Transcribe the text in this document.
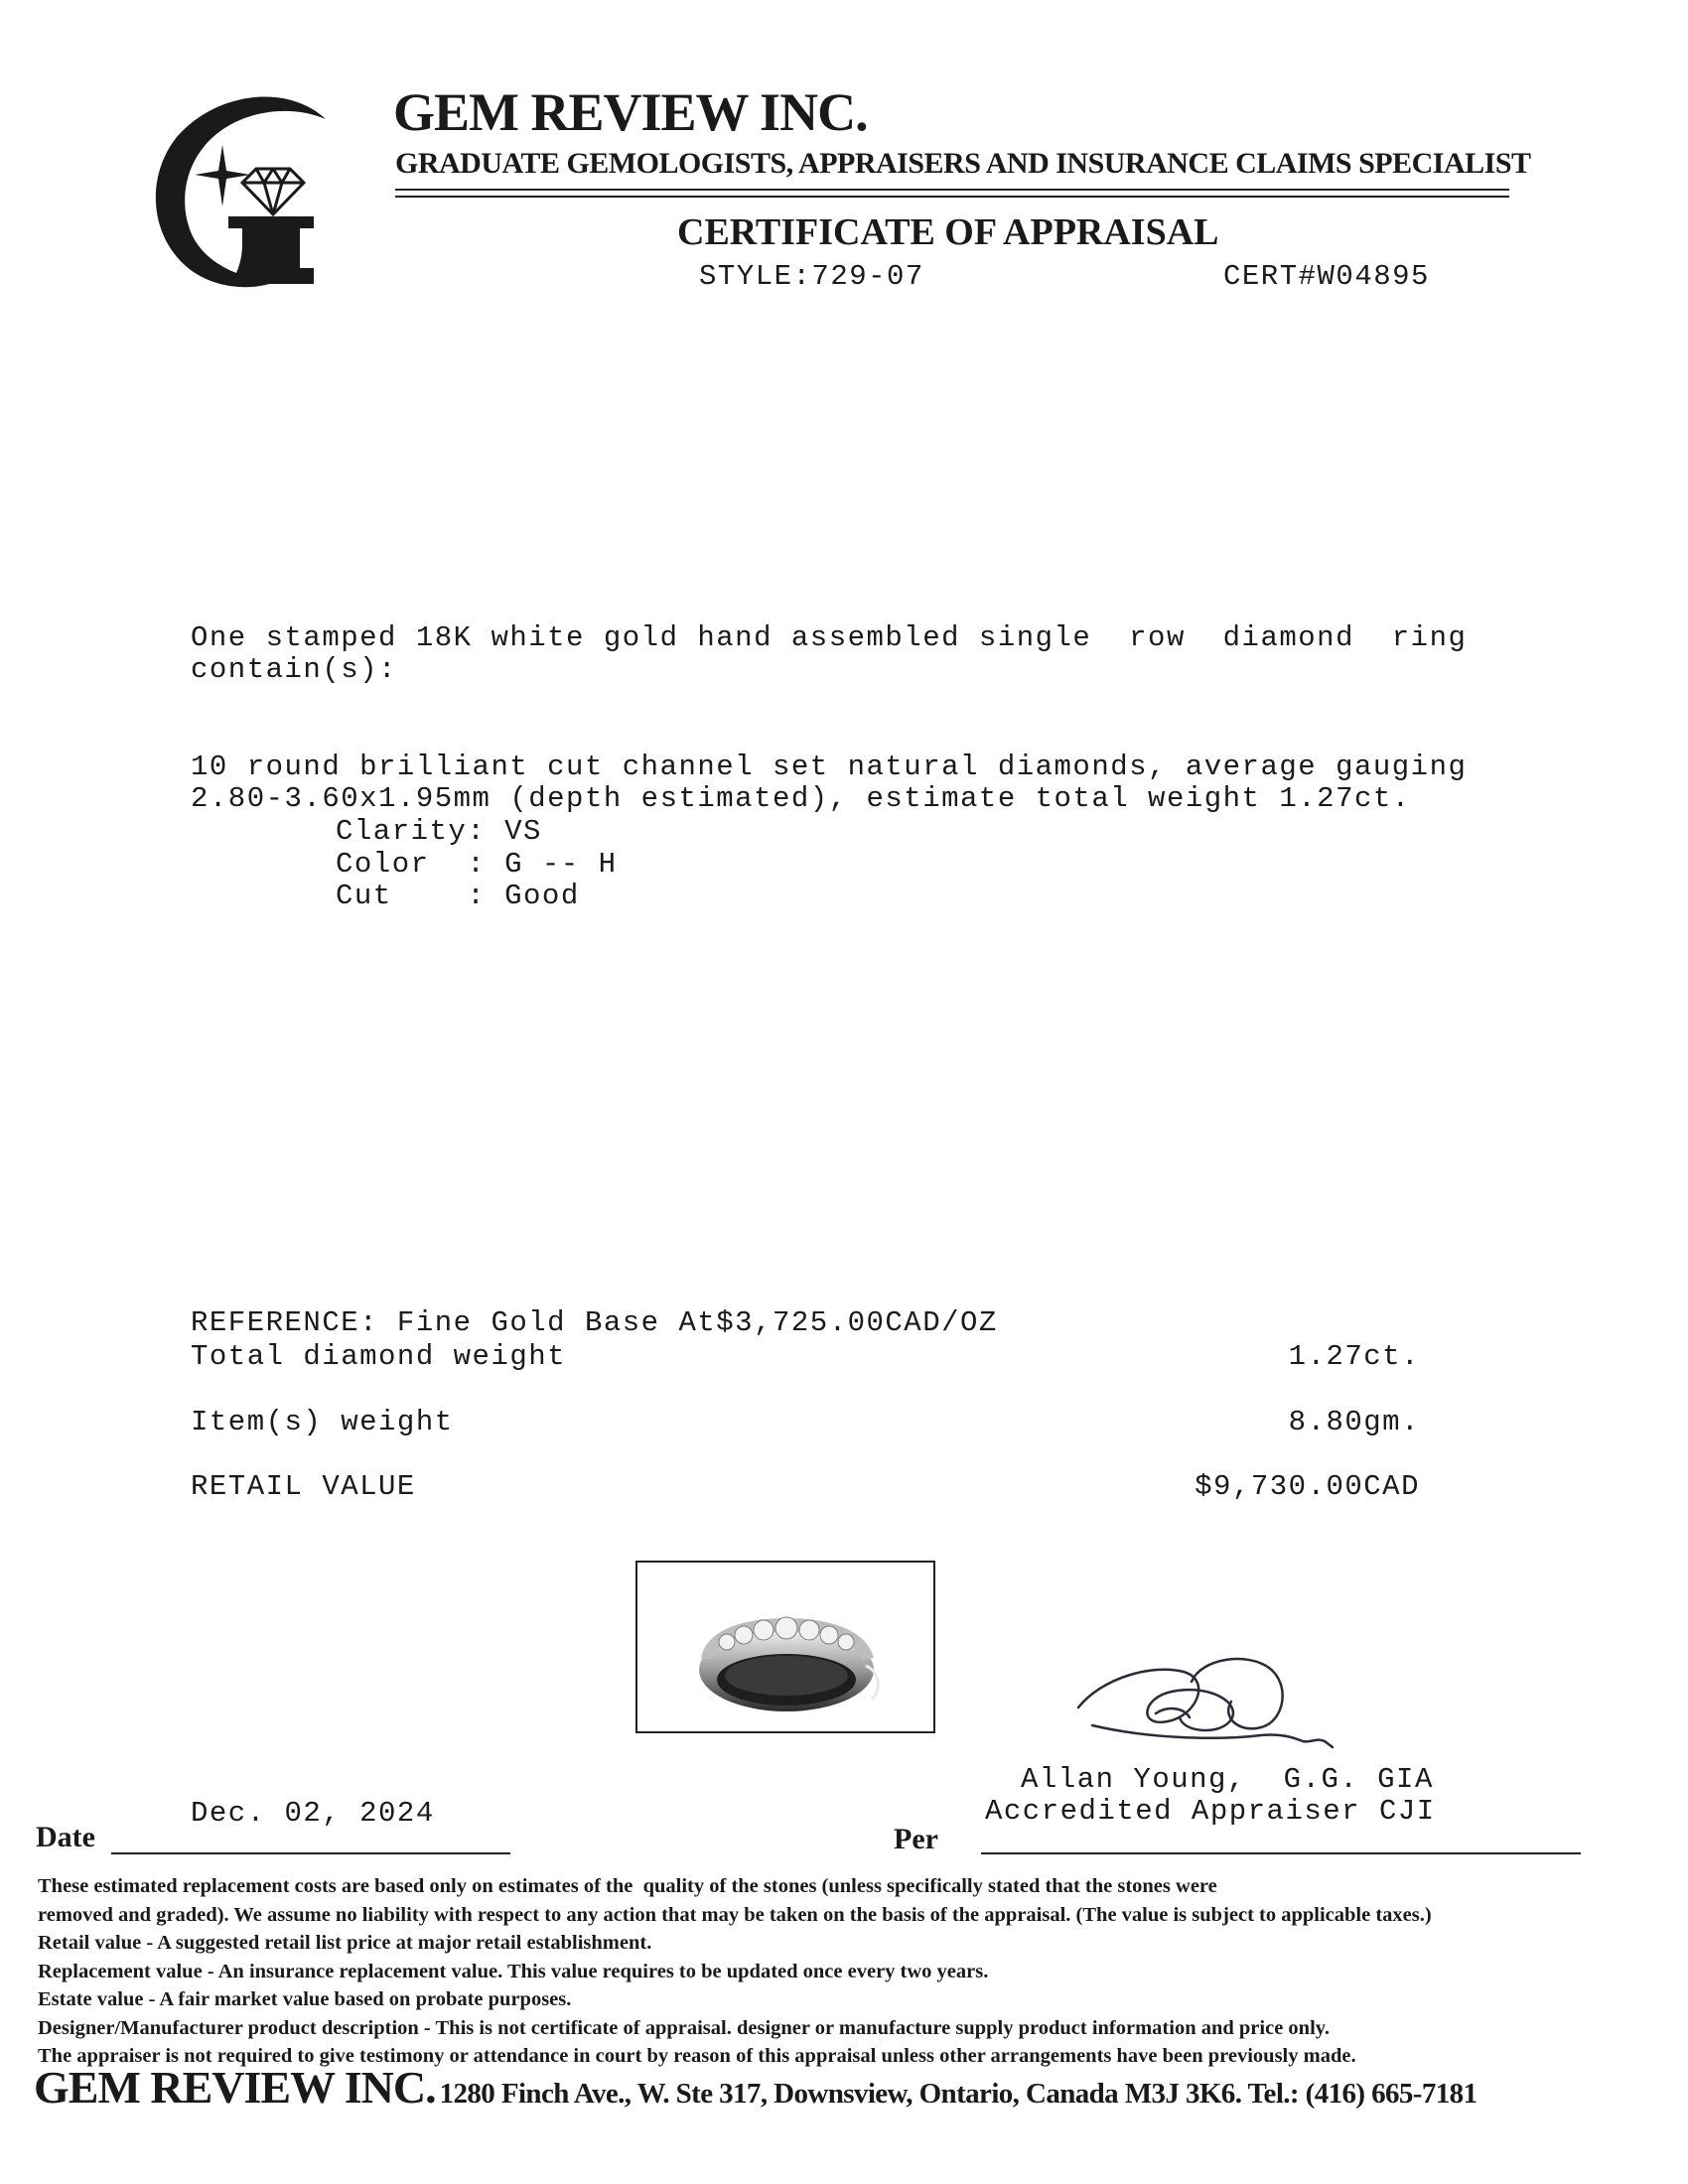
GEM REVIEW INC.
GRADUATE GEMOLOGISTS, APPRAISERS AND INSURANCE CLAIMS SPECIALIST
CERTIFICATE OF APPRAISAL
STYLE:729-07	CERT#W04895
One stamped 18K white gold hand assembled single  row  diamond  ring
contain(s):
10 round brilliant cut channel set natural diamonds, average gauging
2.80-3.60x1.95mm (depth estimated), estimate total weight 1.27ct.
Clarity: VS
Color  : G -- H
Cut    : Good
REFERENCE: Fine Gold Base At$3,725.00CAD/OZ
Total diamond weight	1.27ct.
Item(s) weight	8.80gm.
RETAIL VALUE	$9,730.00CAD
Allan Young,  G.G. GIA
Accredited Appraiser CJI
Dec. 02, 2024
Date	Per
These estimated replacement costs are based only on estimates of the  quality of the stones (unless specifically stated that the stones were
removed and graded). We assume no liability with respect to any action that may be taken on the basis of the appraisal. (The value is subject to applicable taxes.)
Retail value - A suggested retail list price at major retail establishment.
Replacement value - An insurance replacement value. This value requires to be updated once every two years.
Estate value - A fair market value based on probate purposes.
Designer/Manufacturer product description - This is not certificate of appraisal. designer or manufacture supply product information and price only.
The appraiser is not required to give testimony or attendance in court by reason of this appraisal unless other arrangements have been previously made.
GEM REVIEW INC. 1280 Finch Ave., W. Ste 317, Downsview, Ontario, Canada M3J 3K6. Tel.: (416) 665-7181
